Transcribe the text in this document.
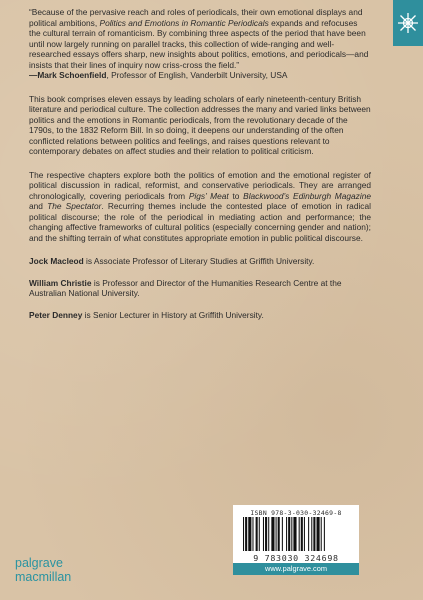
“Because of the pervasive reach and roles of periodicals, their own emotional displays and political ambitions, Politics and Emotions in Romantic Periodicals expands and refocuses the cultural terrain of romanticism. By combining three aspects of the period that have been until now largely running on parallel tracks, this collection of wide-ranging and well-researched essays offers sharp, new insights about politics, emotions, and periodicals—and insists that their lines of inquiry now criss-cross the field.”
—Mark Schoenfield, Professor of English, Vanderbilt University, USA

This book comprises eleven essays by leading scholars of early nineteenth-century British literature and periodical culture. The collection addresses the many and varied links between politics and the emotions in Romantic periodicals, from the revolutionary decade of the 1790s, to the 1832 Reform Bill. In so doing, it deepens our understanding of the often conflicted relations between politics and feelings, and raises questions relevant to contemporary debates on affect studies and their relation to political criticism.

The respective chapters explore both the politics of emotion and the emotional register of political discussion in radical, reformist, and conservative periodicals. They are arranged chronologically, covering periodicals from Pigs’ Meat to Blackwood’s Edinburgh Magazine and The Spectator. Recurring themes include the contested place of emotion in radical political discourse; the role of the periodical in mediating action and performance; the changing affective frameworks of cultural politics (especially concerning gender and nation); and the shifting terrain of what constitutes appropriate emotion in public political discourse.

Jock Macleod is Associate Professor of Literary Studies at Griffith University.

William Christie is Professor and Director of the Humanities Research Centre at the Australian National University.

Peter Denney is Senior Lecturer in History at Griffith University.

ISBN 978-3-030-32469-8
9 783030 324698
www.palgrave.com
palgrave
macmillan
